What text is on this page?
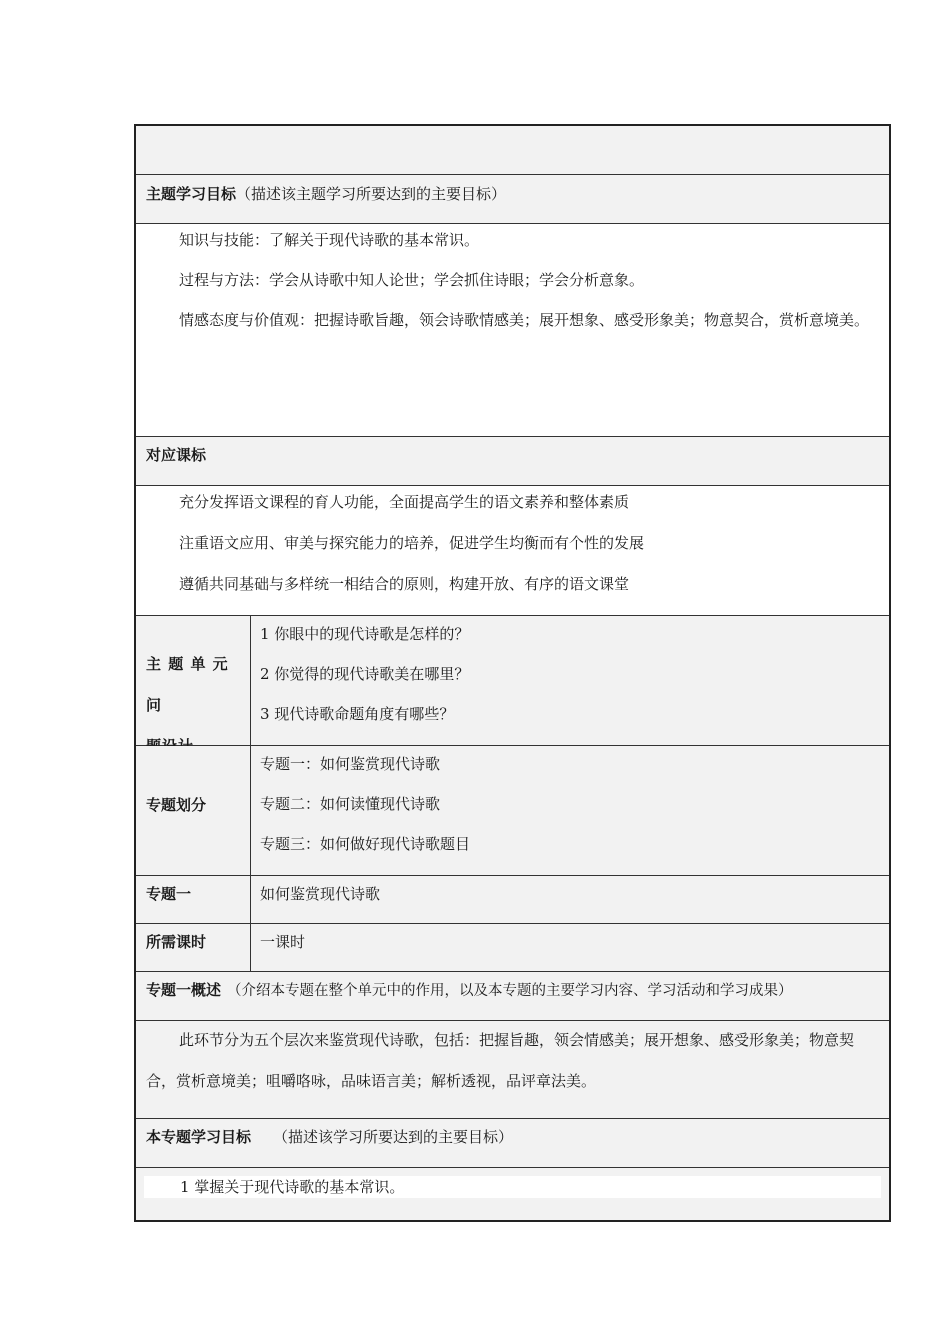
主题学习目标（描述该主题学习所要达到的主要目标）

知识与技能：了解关于现代诗歌的基本常识。

过程与方法：学会从诗歌中知人论世；学会抓住诗眼；学会分析意象。

情感态度与价值观：把握诗歌旨趣，领会诗歌情感美；展开想象、感受形象美；物意契合，赏析意境美。

对应课标

充分发挥语文课程的育人功能，全面提高学生的语文素养和整体素质

注重语文应用、审美与探究能力的培养，促进学生均衡而有个性的发展

遵循共同基础与多样统一相结合的原则，构建开放、有序的语文课堂

主 题 单 元 问
1 你眼中的现代诗歌是怎样的？
2 你觉得的现代诗歌美在哪里？
3 现代诗歌命题角度有哪些？
专题划分
专题一：如何鉴赏现代诗歌
专题二：如何读懂现代诗歌
专题三：如何做好现代诗歌题目
专题一	如何鉴赏现代诗歌
所需课时	一课时
专题一概述 （介绍本专题在整个单元中的作用，以及本专题的主要学习内容、学习活动和学习成果）

此环节分为五个层次来鉴赏现代诗歌，包括：把握旨趣，领会情感美；展开想象、感受形象美；物意契合，赏析意境美；咀嚼咯咏，品味语言美；解析透视，品评章法美。

本专题学习目标 （描述该学习所要达到的主要目标）
1 掌握关于现代诗歌的基本常识。
